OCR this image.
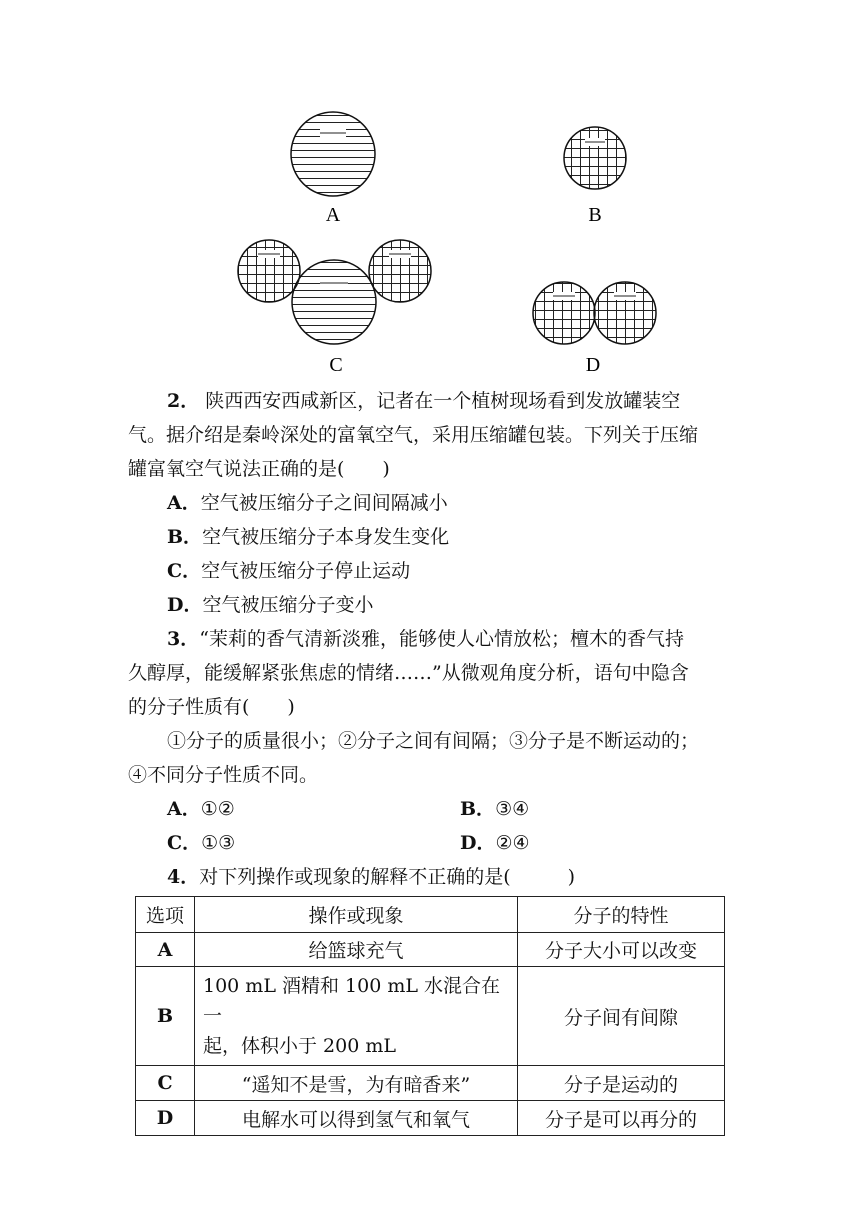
A	B
C	D
2． 陕西西安西咸新区，记者在一个植树现场看到发放罐装空
气。据介绍是秦岭深处的富氧空气，采用压缩罐包装。下列关于压缩
罐富氧空气说法正确的是(　　)
A．空气被压缩分子之间间隔减小
B．空气被压缩分子本身发生变化
C．空气被压缩分子停止运动
D．空气被压缩分子变小
3．“茉莉的香气清新淡雅，能够使人心情放松；檀木的香气持
久醇厚，能缓解紧张焦虑的情绪……”从微观角度分析，语句中隐含
的分子性质有(　　)
①分子的质量很小；②分子之间有间隔；③分子是不断运动的；
④不同分子性质不同。
A．①②	B．③④
C．①③	D．②④
4．对下列操作或现象的解释不正确的是(　　　)
选项	操作或现象	分子的特性
A	给篮球充气	分子大小可以改变
B	100 mL 酒精和 100 mL 水混合在一
起，体积小于 200 mL	分子间有间隙
C	“遥知不是雪，为有暗香来”	分子是运动的
D	电解水可以得到氢气和氧气	分子是可以再分的
